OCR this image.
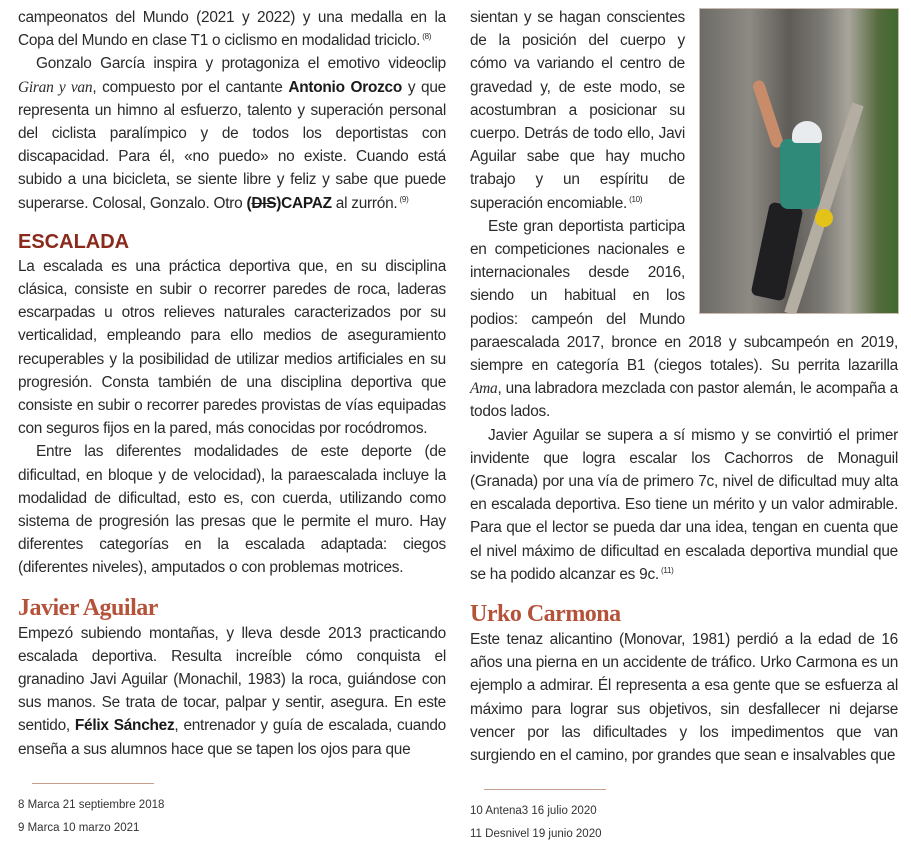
campeonatos del Mundo (2021 y 2022) y una medalla en la Copa del Mundo en clase T1 o ciclismo en modalidad triciclo. $^{(8)}$

Gonzalo García inspira y protagoniza el emotivo videoclip Giran y van, compuesto por el cantante Antonio Orozco y que representa un himno al esfuerzo, talento y superación personal del ciclista paralímpico y de todos los deportistas con discapacidad. Para él, «no puedo» no existe. Cuando está subido a una bicicleta, se siente libre y feliz y sabe que puede superarse. Colosal, Gonzalo. Otro (DIS)CAPAZ al zurrón. $^{(9)}$

ESCALADA

La escalada es una práctica deportiva que, en su disciplina clásica, consiste en subir o recorrer paredes de roca, laderas escarpadas u otros relieves naturales caracterizados por su verticalidad, empleando para ello medios de aseguramiento recuperables y la posibilidad de utilizar medios artificiales en su progresión. Consta también de una disciplina deportiva que consiste en subir o recorrer paredes provistas de vías equipadas con seguros fijos en la pared, más conocidas por rocódromos.

Entre las diferentes modalidades de este deporte (de dificultad, en bloque y de velocidad), la paraescalada incluye la modalidad de dificultad, esto es, con cuerda, utilizando como sistema de progresión las presas que le permite el muro. Hay diferentes categorías en la escalada adaptada: ciegos (diferentes niveles), amputados o con problemas motrices.

Javier Aguilar

Empezó subiendo montañas, y lleva desde 2013 practicando escalada deportiva. Resulta increíble cómo conquista el granadino Javi Aguilar (Monachil, 1983) la roca, guiándose con sus manos. Se trata de tocar, palpar y sentir, asegura. En este sentido, Félix Sánchez, entrenador y guía de escalada, cuando enseña a sus alumnos hace que se tapen los ojos para que

8 Marca 21 septiembre 2018
9 Marca 10 marzo 2021

sientan y se hagan conscientes de la posición del cuerpo y cómo va variando el centro de gravedad y, de este modo, se acostumbran a posicionar su cuerpo. Detrás de todo ello, Javi Aguilar sabe que hay mucho trabajo y un espíritu de superación encomiable. $^{(10)}$

Este gran deportista participa en competiciones nacionales e internacionales desde 2016, siendo un habitual en los podios: campeón del Mundo paraescalada 2017, bronce en 2018 y subcampeón en 2019, siempre en categoría B1 (ciegos totales). Su perrita lazarilla Ama, una labradora mezclada con pastor alemán, le acompaña a todos lados.

Javier Aguilar se supera a sí mismo y se convirtió el primer invidente que logra escalar los Cachorros de Monaguil (Granada) por una vía de primero 7c, nivel de dificultad muy alta en escalada deportiva. Eso tiene un mérito y un valor admirable. Para que el lector se pueda dar una idea, tengan en cuenta que el nivel máximo de dificultad en escalada deportiva mundial que se ha podido alcanzar es 9c. $^{(11)}$

Urko Carmona

Este tenaz alicantino (Monovar, 1981) perdió a la edad de 16 años una pierna en un accidente de tráfico. Urko Carmona es un ejemplo a admirar. Él representa a esa gente que se esfuerza al máximo para lograr sus objetivos, sin desfallecer ni dejarse vencer por las dificultades y los impedimentos que van surgiendo en el camino, por grandes que sean e insalvables que

10 Antena3 16 julio 2020
11 Desnivel 19 junio 2020
